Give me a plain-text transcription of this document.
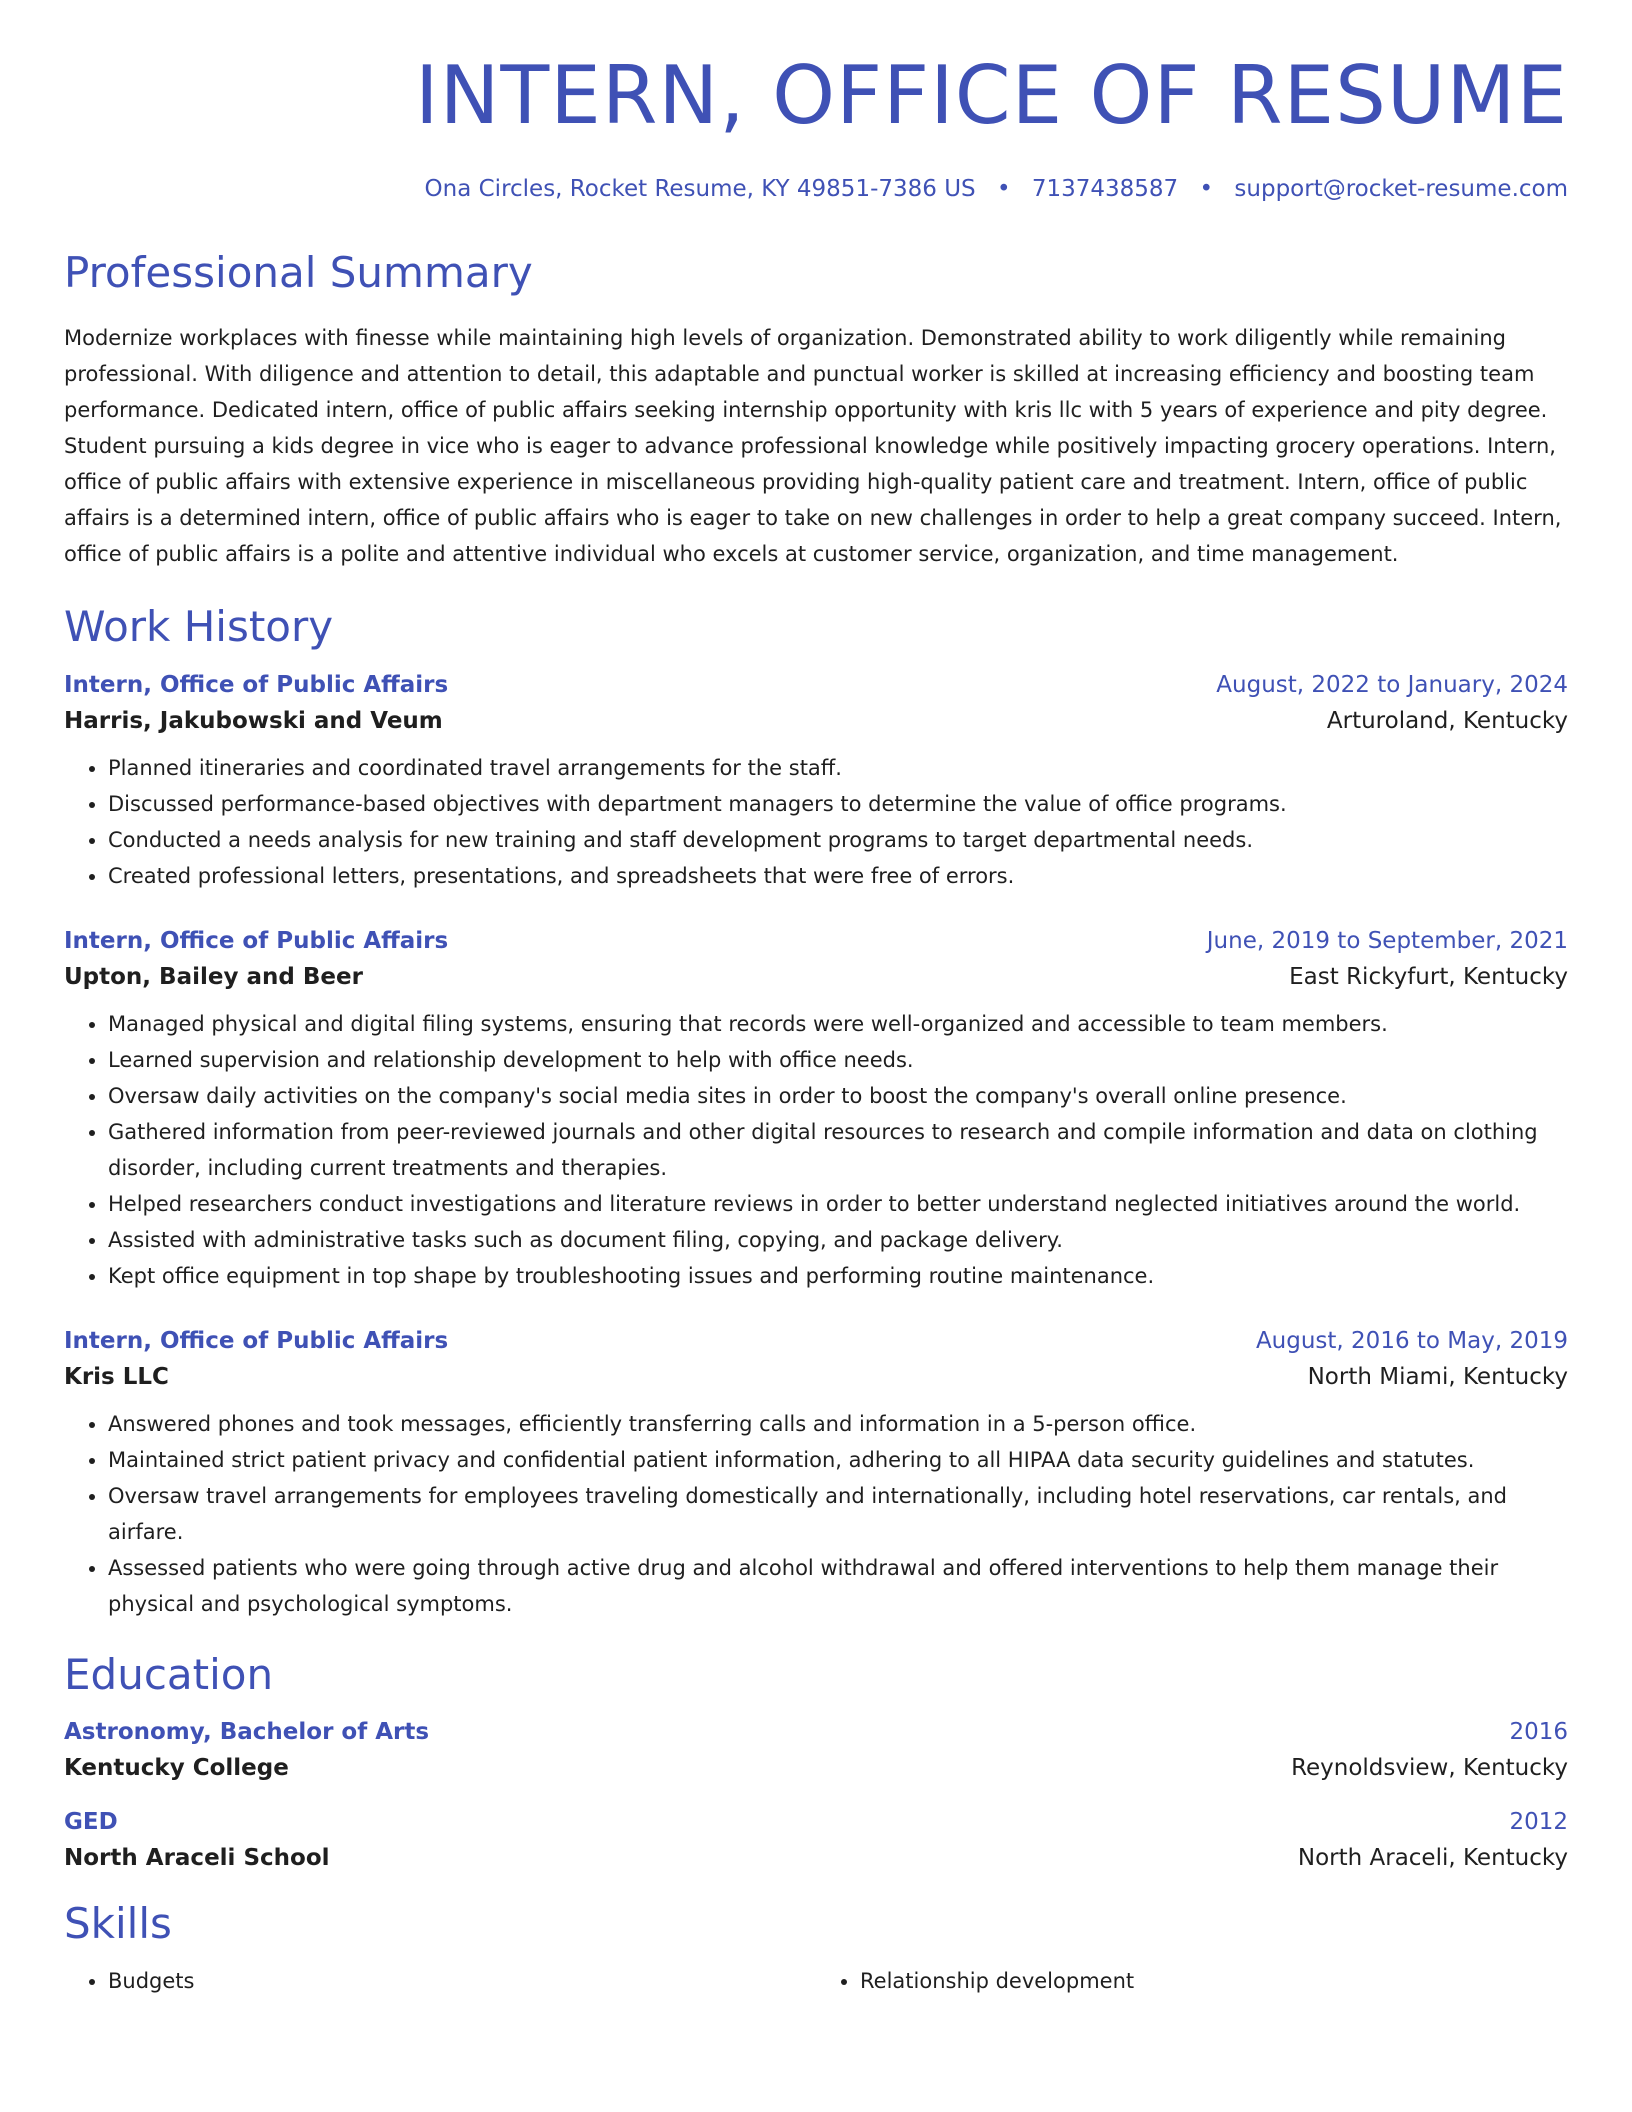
INTERN, OFFICE OF RESUME
Ona Circles, Rocket Resume, KY 49851-7386 US • 7137438587 • support@rocket-resume.com
Professional Summary
Modernize workplaces with finesse while maintaining high levels of organization. Demonstrated ability to work diligently while remaining professional. With diligence and attention to detail, this adaptable and punctual worker is skilled at increasing efficiency and boosting team performance. Dedicated intern, office of public affairs seeking internship opportunity with kris llc with 5 years of experience and pity degree. Student pursuing a kids degree in vice who is eager to advance professional knowledge while positively impacting grocery operations. Intern, office of public affairs with extensive experience in miscellaneous providing high-quality patient care and treatment. Intern, office of public affairs is a determined intern, office of public affairs who is eager to take on new challenges in order to help a great company succeed. Intern, office of public affairs is a polite and attentive individual who excels at customer service, organization, and time management.
Work History
Intern, Office of Public Affairs	August, 2022 to January, 2024
Harris, Jakubowski and Veum	Arturoland, Kentucky
• Planned itineraries and coordinated travel arrangements for the staff.
• Discussed performance-based objectives with department managers to determine the value of office programs.
• Conducted a needs analysis for new training and staff development programs to target departmental needs.
• Created professional letters, presentations, and spreadsheets that were free of errors.
Intern, Office of Public Affairs	June, 2019 to September, 2021
Upton, Bailey and Beer	East Rickyfurt, Kentucky
• Managed physical and digital filing systems, ensuring that records were well-organized and accessible to team members.
• Learned supervision and relationship development to help with office needs.
• Oversaw daily activities on the company's social media sites in order to boost the company's overall online presence.
• Gathered information from peer-reviewed journals and other digital resources to research and compile information and data on clothing disorder, including current treatments and therapies.
• Helped researchers conduct investigations and literature reviews in order to better understand neglected initiatives around the world.
• Assisted with administrative tasks such as document filing, copying, and package delivery.
• Kept office equipment in top shape by troubleshooting issues and performing routine maintenance.
Intern, Office of Public Affairs	August, 2016 to May, 2019
Kris LLC	North Miami, Kentucky
• Answered phones and took messages, efficiently transferring calls and information in a 5-person office.
• Maintained strict patient privacy and confidential patient information, adhering to all HIPAA data security guidelines and statutes.
• Oversaw travel arrangements for employees traveling domestically and internationally, including hotel reservations, car rentals, and airfare.
• Assessed patients who were going through active drug and alcohol withdrawal and offered interventions to help them manage their physical and psychological symptoms.
Education
Astronomy, Bachelor of Arts	2016
Kentucky College	Reynoldsview, Kentucky
GED	2012
North Araceli School	North Araceli, Kentucky
Skills
• Budgets
•	Relationship development
